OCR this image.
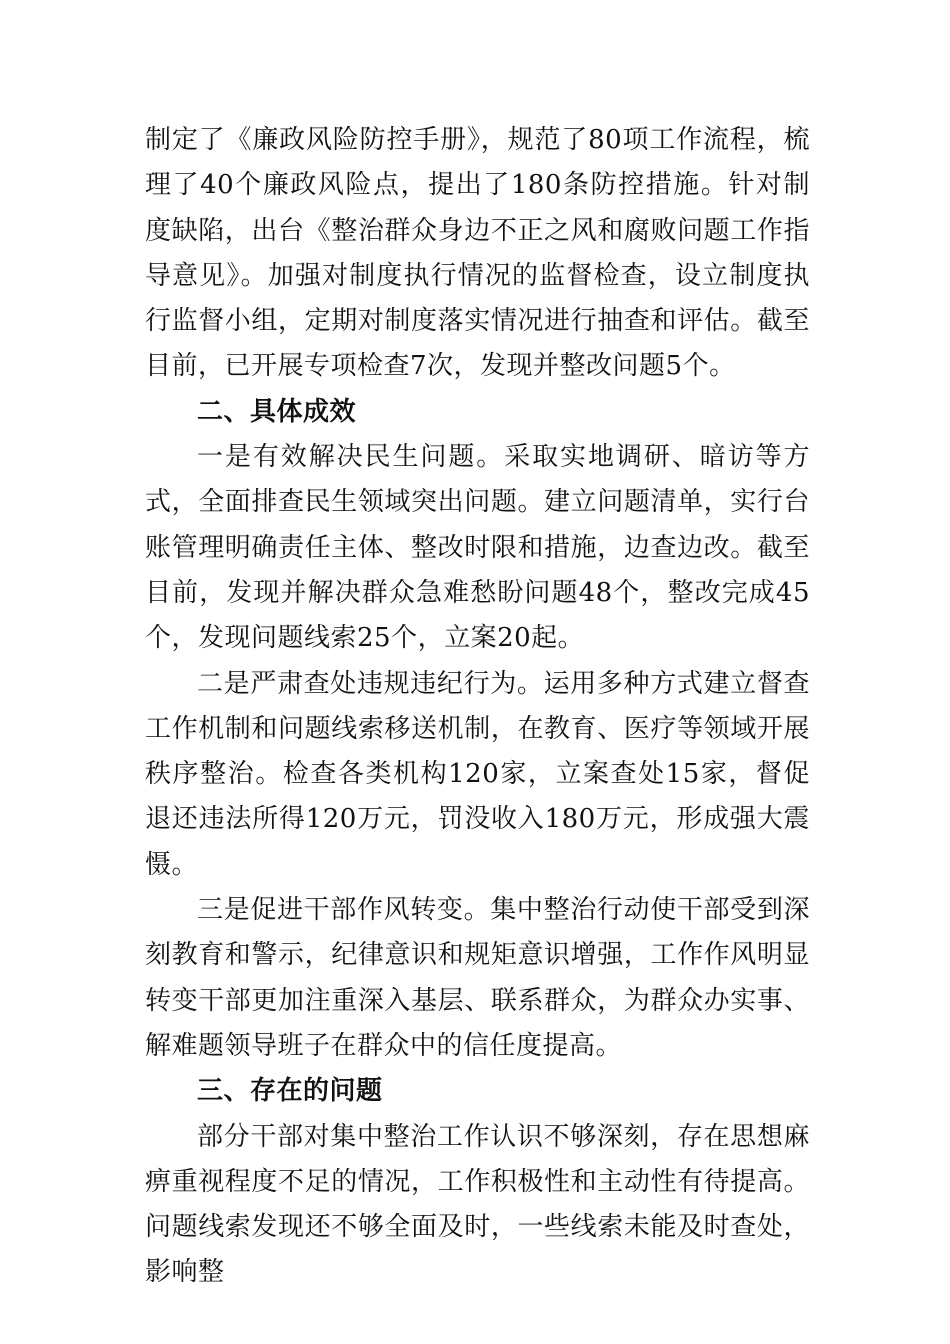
制定了《廉政风险防控手册》，规范了80项工作流程，梳理了40个廉政风险点，提出了180条防控措施。针对制度缺陷，出台《整治群众身边不正之风和腐败问题工作指导意见》。加强对制度执行情况的监督检查，设立制度执行监督小组，定期对制度落实情况进行抽查和评估。截至目前，已开展专项检查7次，发现并整改问题5个。

二、具体成效

一是有效解决民生问题。采取实地调研、暗访等方式，全面排查民生领域突出问题。建立问题清单，实行台账管理明确责任主体、整改时限和措施，边查边改。截至目前，发现并解决群众急难愁盼问题48个，整改完成45个，发现问题线索25个，立案20起。

二是严肃查处违规违纪行为。运用多种方式建立督查工作机制和问题线索移送机制，在教育、医疗等领域开展秩序整治。检查各类机构120家，立案查处15家，督促退还违法所得120万元，罚没收入180万元，形成强大震慑。

三是促进干部作风转变。集中整治行动使干部受到深刻教育和警示，纪律意识和规矩意识增强，工作作风明显转变干部更加注重深入基层、联系群众，为群众办实事、解难题领导班子在群众中的信任度提高。

三、存在的问题

部分干部对集中整治工作认识不够深刻，存在思想麻痹重视程度不足的情况，工作积极性和主动性有待提高。问题线索发现还不够全面及时，一些线索未能及时查处，影响整
